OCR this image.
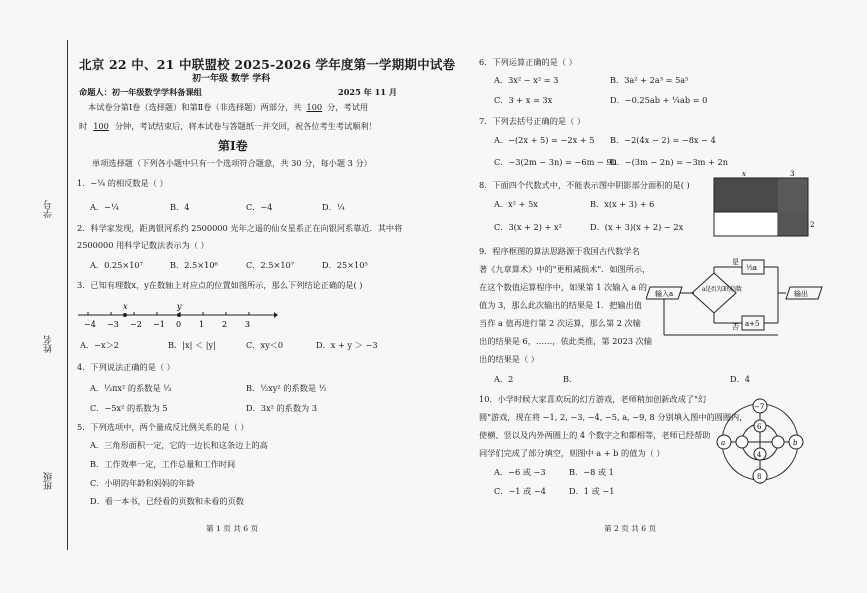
学号
姓名
班级
北京 22 中、21 中联盟校 2025-2026 学年度第一学期期中试卷
初一年级 数学 学科
命题人：初一年级数学学科备课组	2025 年 11 月
本试卷分第Ⅰ卷（选择题）和第Ⅱ卷（非选择题）两部分，共 100 分，考试用
时 100 分钟，考试结束后，将本试卷与答题纸一并交回，祝各位考生考试顺利！
第Ⅰ卷
单项选择题（下列各小题中只有一个选项符合题意，共 30 分，每小题 3 分）
1．−¼ 的相反数是（ ）
A．−¼	B．4	C．−4	D．¼
2．科学家发现，距离银河系约 2500000 光年之遥的仙女星系正在向银河系靠近．其中将
2500000 用科学记数法表示为（ ）
A．0.25×10⁷	B．2.5×10⁶	C．2.5×10⁷	D．25×10⁵
3．已知有理数x，y在数轴上对应点的位置如图所示，那么下列结论正确的是( )
−4 −3 −2 −1 0 1 2 3
x	y
A．−x＞2	B．|x| ＜ |y|	C．xy＜0	D．x + y ＞ −3
4．下列说法正确的是（ ）
A．⅓πx² 的系数是 ⅓	B．½xy² 的系数是 ½
C．−5x² 的系数为 5	D．3x² 的系数为 3
5．下列选项中，两个量成反比例关系的是（ ）
A．三角形面积一定，它的一边长和这条边上的高
B．工作效率一定，工作总量和工作时间
C．小明的年龄和妈妈的年龄
D．看一本书，已经看的页数和未看的页数
第 1 页 共 6 页
6．下列运算正确的是（ ）
A．3x² − x² = 3	B．3a² + 2a³ = 5a⁵
C．3 + x = 3x	D．−0.25ab + ¼ab = 0
7．下列去括号正确的是（ ）
A．−(2x + 5) = −2x + 5 B．−2(4x − 2) = −8x − 4
C．−3(2m − 3n) = −6m − 9n
D．−(3m − 2n) = −3m + 2n
8．下面四个代数式中，不能表示图中阴影部分面积的是( )
A．x² + 5x	B．x(x + 3) + 6
C．3(x + 2) + x²	D．(x + 3)(x + 2) − 2x
x	3
2
9．程序框图的算法思路源于我国古代数学名
著《九章算术》中的"更相减损术"．如图所示，
在这个数值运算程序中，如果第 1 次输入 a 的
值为 3，那么此次输出的结果是 1．把输出值
当作 a 值再进行第 2 次运算，那么第 2 次输
出的结果是 6，……，依此类推，第 2023 次输
出的结果是（ ）
A．2	B．	D．4
输入a
a是否为3的倍数
⅓a
是
输出
a+5
否
10．小学时候大家喜欢玩的幻方游戏，老师稍加创新改成了"幻
圆"游戏，现在将 −1, 2, −3, −4, −5, a, −9, 8 分别填入图中的圆圈内，
使横、竖以及内外两圈上的 4 个数字之和都相等，老师已经帮助
同学们完成了部分填空，则图中 a + b 的值为（ ）
A．−6 或 −3	B．−8 或 1
C．−1 或 −4	D．1 或 −1
−7
6
4
8
a	b
第 2 页 共 6 页
